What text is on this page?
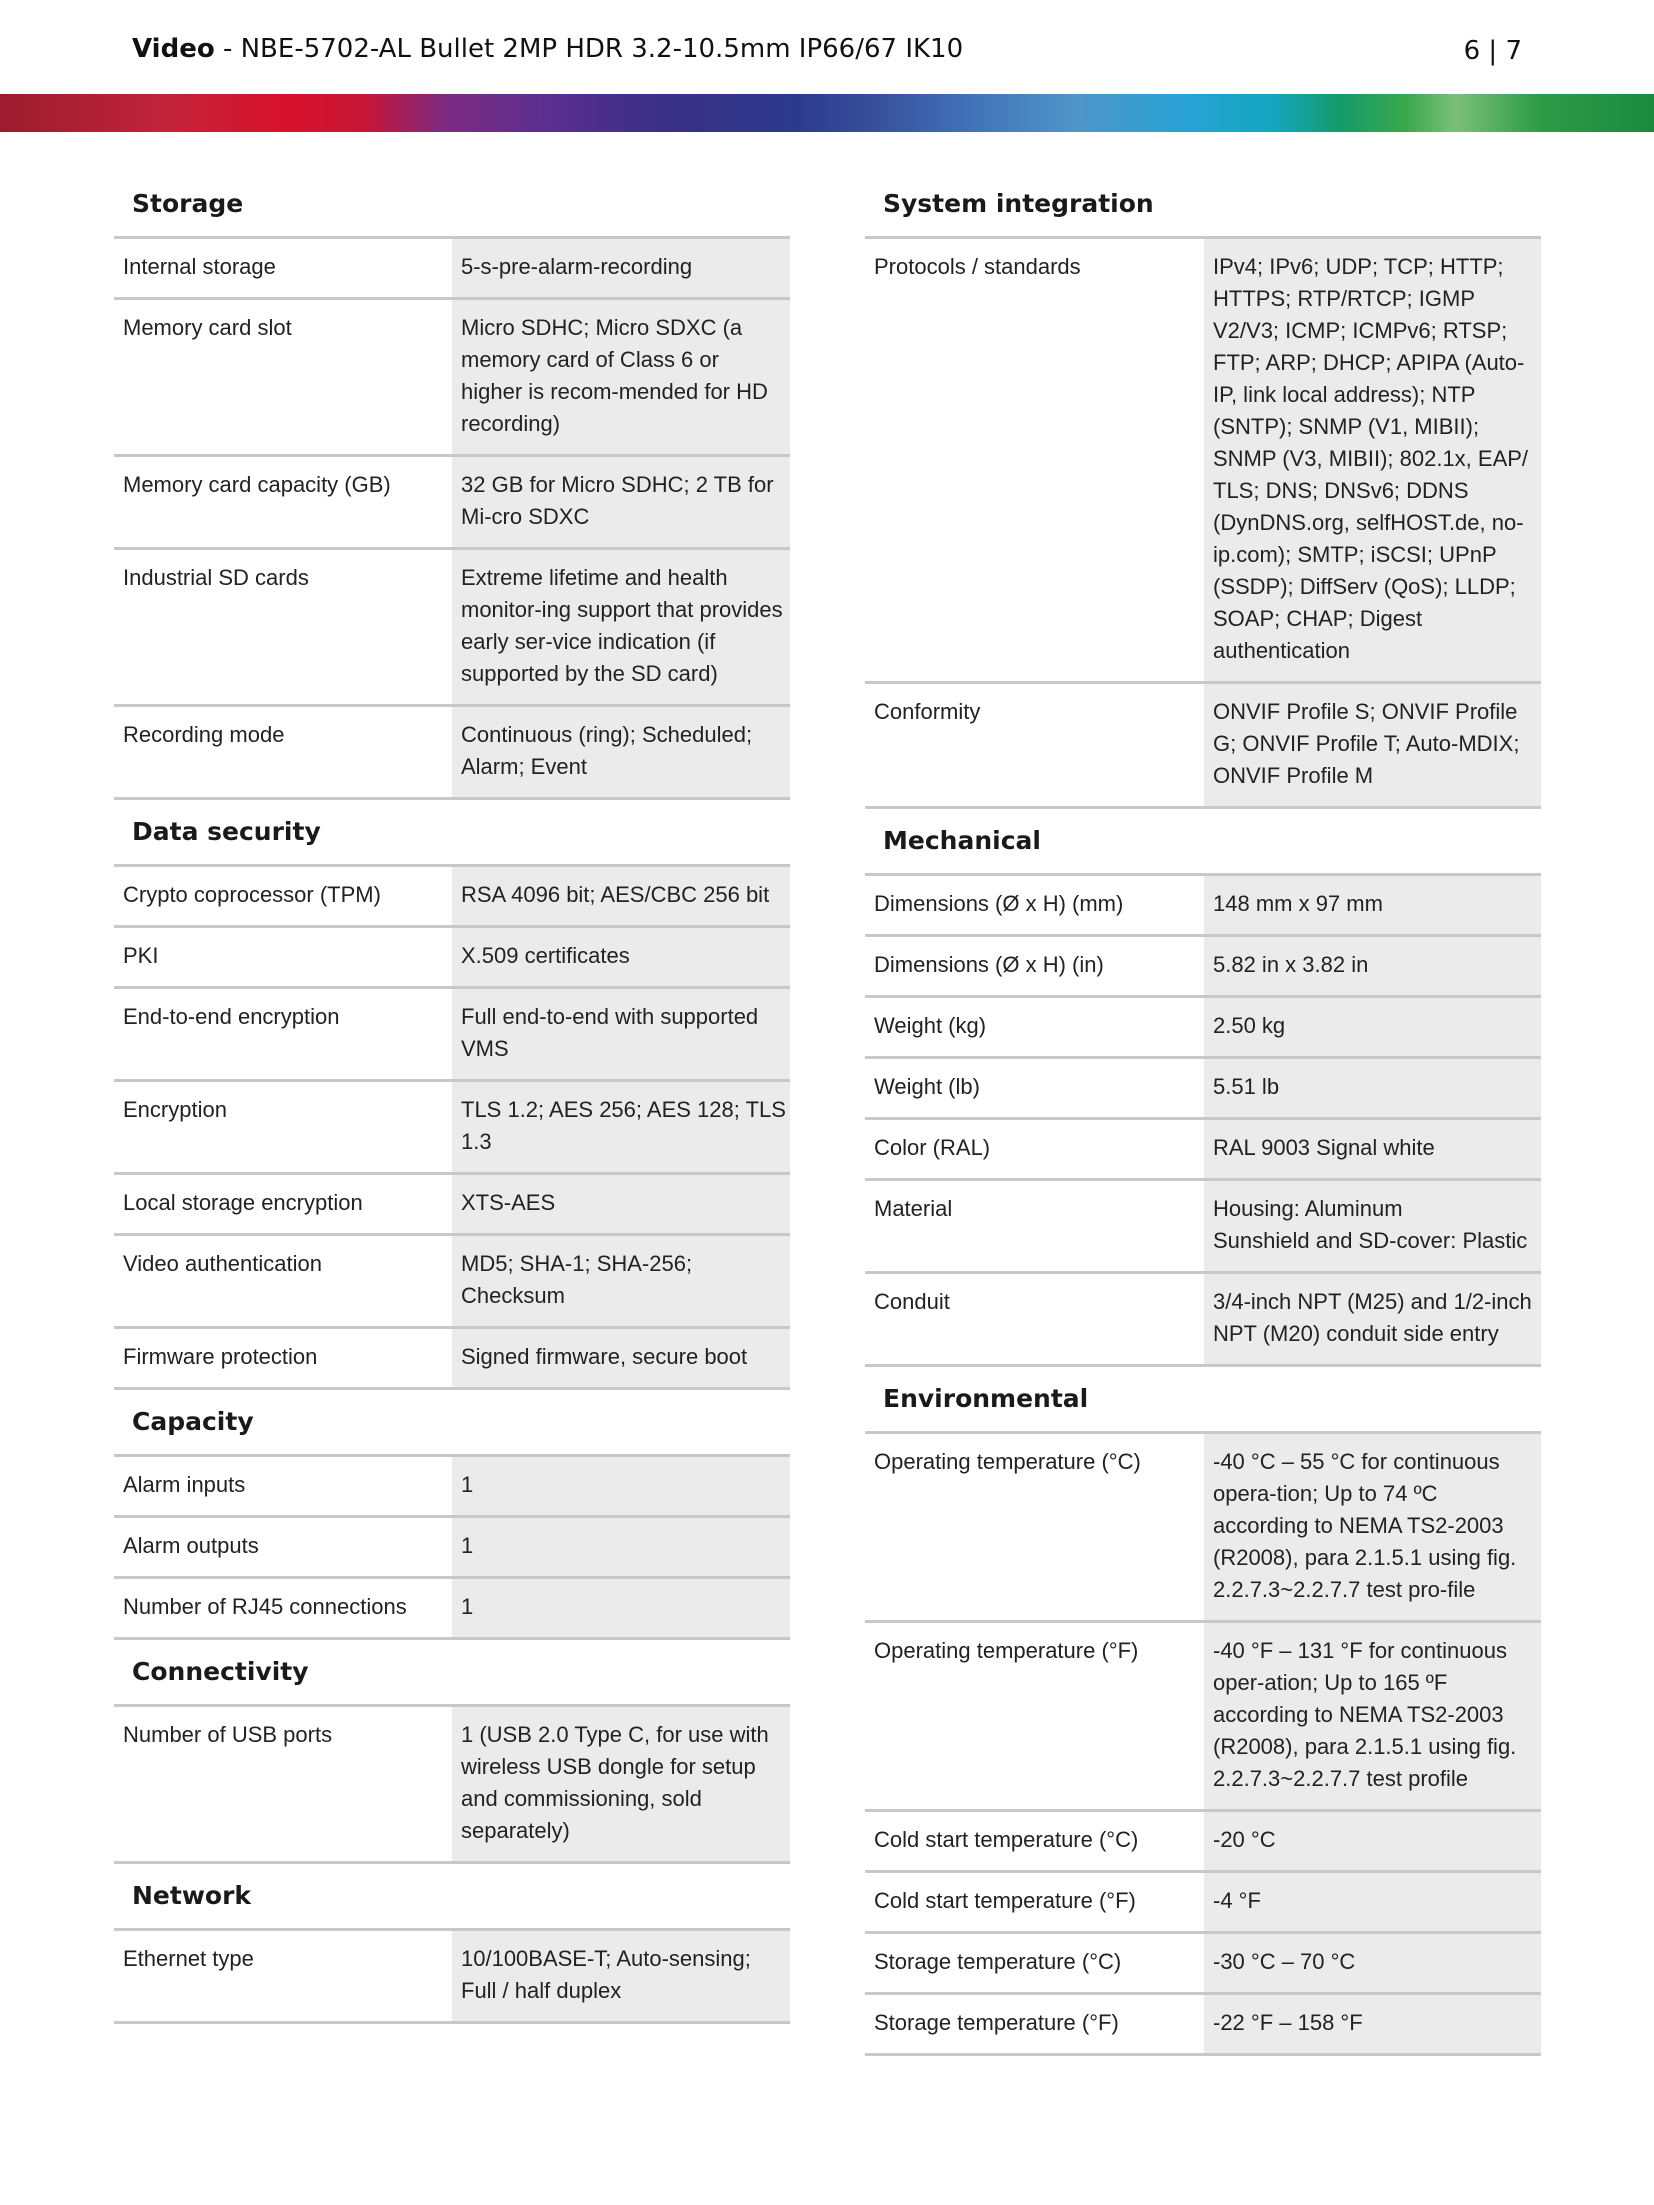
Video - NBE-5702-AL Bullet 2MP HDR 3.2-10.5mm IP66/67 IK10	6 | 7
Storage
Internal storage	5-s-pre-alarm-recording
Memory card slot	Micro SDHC; Micro SDXC (a memory card of Class 6 or higher is recom-mended for HD recording)
Memory card capacity (GB)	32 GB for Micro SDHC; 2 TB for Mi-cro SDXC
Industrial SD cards	Extreme lifetime and health monitor-ing support that provides early ser-vice indication (if supported by the SD card)
Recording mode	Continuous (ring); Scheduled; Alarm; Event
Data security
Crypto coprocessor (TPM)	RSA 4096 bit; AES/CBC 256 bit
PKI	X.509 certificates
End-to-end encryption	Full end-to-end with supported VMS
Encryption	TLS 1.2; AES 256; AES 128; TLS 1.3
Local storage encryption	XTS-AES
Video authentication	MD5; SHA-1; SHA-256; Checksum
Firmware protection	Signed firmware, secure boot
Capacity
Alarm inputs	1
Alarm outputs	1
Number of RJ45 connections	1
Connectivity
Number of USB ports	1 (USB 2.0 Type C, for use with wireless USB dongle for setup and commissioning, sold separately)
Network
Ethernet type	10/100BASE-T; Auto-sensing; Full / half duplex
System integration
Protocols / standards	IPv4; IPv6; UDP; TCP; HTTP; HTTPS; RTP/RTCP; IGMP V2/V3; ICMP; ICMPv6; RTSP; FTP; ARP; DHCP; APIPA (Auto-IP, link local address); NTP (SNTP); SNMP (V1, MIBII); SNMP (V3, MIBII); 802.1x, EAP/ TLS; DNS; DNSv6; DDNS (DynDNS.org, selfHOST.de, no-ip.com); SMTP; iSCSI; UPnP (SSDP); DiffServ (QoS); LLDP; SOAP; CHAP; Digest authentication
Conformity	ONVIF Profile S; ONVIF Profile G; ONVIF Profile T; Auto-MDIX; ONVIF Profile M
Mechanical
Dimensions (Ø x H) (mm)	148 mm x 97 mm
Dimensions (Ø x H) (in)	5.82 in x 3.82 in
Weight (kg)	2.50 kg
Weight (lb)	5.51 lb
Color (RAL)	RAL 9003 Signal white
Material	Housing: Aluminum
Sunshield and SD-cover: Plastic
Conduit	3/4-inch NPT (M25) and 1/2-inch NPT (M20) conduit side entry
Environmental
Operating temperature (°C)	-40 °C – 55 °C for continuous opera-tion; Up to 74 ºC according to NEMA TS2-2003 (R2008), para 2.1.5.1 using fig. 2.2.7.3~2.2.7.7 test pro-file
Operating temperature (°F)	-40 °F – 131 °F for continuous oper-ation; Up to 165 ºF according to NEMA TS2-2003 (R2008), para 2.1.5.1 using fig. 2.2.7.3~2.2.7.7 test profile
Cold start temperature (°C)	-20 °C
Cold start temperature (°F)	-4 °F
Storage temperature (°C)	-30 °C – 70 °C
Storage temperature (°F)	-22 °F – 158 °F
